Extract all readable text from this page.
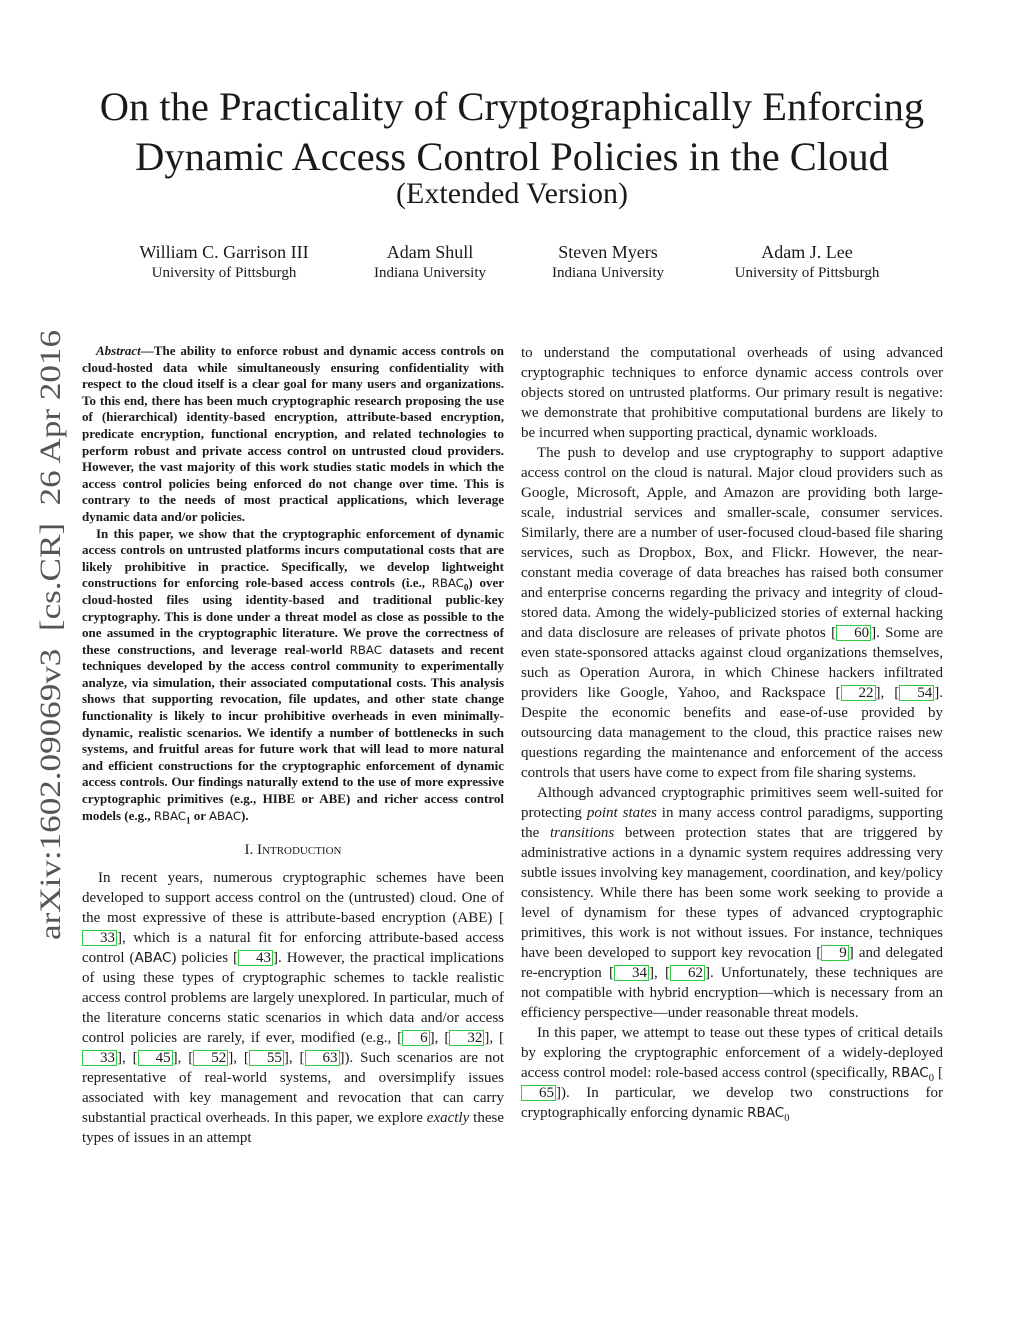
arXiv:1602.09069v3  [cs.CR]  26 Apr 2016
On the Practicality of Cryptographically Enforcing
Dynamic Access Control Policies in the Cloud
(Extended Version)
William C. Garrison III
University of Pittsburgh
Adam Shull
Indiana University
Steven Myers
Indiana University
Adam J. Lee
University of Pittsburgh

Abstract—The ability to enforce robust and dynamic access controls on cloud-hosted data while simultaneously ensuring confidentiality with respect to the cloud itself is a clear goal for many users and organizations. To this end, there has been much cryptographic research proposing the use of (hierarchical) identity-based encryption, attribute-based encryption, predicate encryption, functional encryption, and related technologies to perform robust and private access control on untrusted cloud providers. However, the vast majority of this work studies static models in which the access control policies being enforced do not change over time. This is contrary to the needs of most practical applications, which leverage dynamic data and/or policies.

In this paper, we show that the cryptographic enforcement of dynamic access controls on untrusted platforms incurs computational costs that are likely prohibitive in practice. Specifically, we develop lightweight constructions for enforcing role-based access controls (i.e., $RBAC_0$) over cloud-hosted files using identity-based and traditional public-key cryptography. This is done under a threat model as close as possible to the one assumed in the cryptographic literature. We prove the correctness of these constructions, and leverage real-world RBAC datasets and recent techniques developed by the access control community to experimentally analyze, via simulation, their associated computational costs. This analysis shows that supporting revocation, file updates, and other state change functionality is likely to incur prohibitive overheads in even minimally-dynamic, realistic scenarios. We identify a number of bottlenecks in such systems, and fruitful areas for future work that will lead to more natural and efficient constructions for the cryptographic enforcement of dynamic access controls. Our findings naturally extend to the use of more expressive cryptographic primitives (e.g., HIBE or ABE) and richer access control models (e.g., $RBAC_1$ or ABAC).

I. Introduction

In recent years, numerous cryptographic schemes have been developed to support access control on the (untrusted) cloud. One of the most expressive of these is attribute-based encryption (ABE) [33 ], which is a natural fit for enforcing attribute-based access control (ABAC) policies [ 43 ]. However, the practical implications of using these types of cryptographic schemes to tackle realistic access control problems are largely unexplored. In particular, much of the literature concerns static scenarios in which data and/or access control policies are rarely, if ever, modified (e.g., [ 6 ], [ 32 ], [33 ], [ 45 ], [ 52 ], [ 55 ], [ 63 ]). Such scenarios are not representative of real-world systems, and oversimplify issues associated with key management and revocation that can carry substantial practical overheads. In this paper, we explore exactly these types of issues in an attempt

to understand the computational overheads of using advanced cryptographic techniques to enforce dynamic access controls over objects stored on untrusted platforms. Our primary result is negative: we demonstrate that prohibitive computational burdens are likely to be incurred when supporting practical, dynamic workloads.

The push to develop and use cryptography to support adaptive access control on the cloud is natural. Major cloud providers such as Google, Microsoft, Apple, and Amazon are providing both large-scale, industrial services and smaller-scale, consumer services. Similarly, there are a number of user-focused cloud-based file sharing services, such as Dropbox, Box, and Flickr. However, the near-constant media coverage of data breaches has raised both consumer and enterprise concerns regarding the privacy and integrity of cloud-stored data. Among the widely-publicized stories of external hacking and data disclosure are releases of private photos [ 60 ]. Some are even state-sponsored attacks against cloud organizations themselves, such as Operation Aurora, in which Chinese hackers infiltrated providers like Google, Yahoo, and Rackspace [ 22 ], [ 54 ]. Despite the economic benefits and ease-of-use provided by outsourcing data management to the cloud, this practice raises new questions regarding the maintenance and enforcement of the access controls that users have come to expect from file sharing systems.

Although advanced cryptographic primitives seem well-suited for protecting point states in many access control paradigms, supporting the transitions between protection states that are triggered by administrative actions in a dynamic system requires addressing very subtle issues involving key management, coordination, and key/policy consistency. While there has been some work seeking to provide a level of dynamism for these types of advanced cryptographic primitives, this work is not without issues. For instance, techniques have been developed to support key revocation [ 9 ] and delegated re-encryption [ 34 ], [ 62 ]. Unfortunately, these techniques are not compatible with hybrid encryption—which is necessary from an efficiency perspective—under reasonable threat models.

In this paper, we attempt to tease out these types of critical details by exploring the cryptographic enforcement of a widely-deployed access control model: role-based access control (specifically, $RBAC_0$ [65 ]). In particular, we develop two constructions for cryptographically enforcing dynamic $RBAC_0$
